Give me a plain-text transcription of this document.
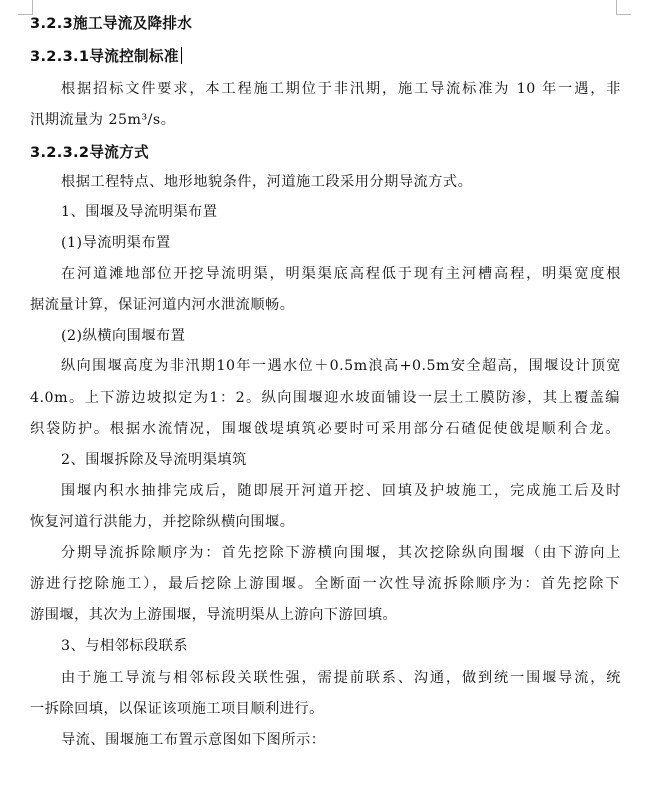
3.2.3施工导流及降排水
3.2.3.1导流控制标准
根据招标文件要求，本工程施工期位于非汛期，施工导流标准为 10 年一遇，非
汛期流量为 25m³/s。
3.2.3.2导流方式
根据工程特点、地形地貌条件，河道施工段采用分期导流方式。
1、围堰及导流明渠布置
(1)导流明渠布置
在河道滩地部位开挖导流明渠，明渠渠底高程低于现有主河槽高程，明渠宽度根
据流量计算，保证河道内河水泄流顺畅。
(2)纵横向围堰布置
纵向围堰高度为非汛期10年一遇水位＋0.5m浪高+0.5m安全超高，围堰设计顶宽
4.0m。上下游边坡拟定为1：2。纵向围堰迎水坡面铺设一层土工膜防渗，其上覆盖编
织袋防护。根据水流情况，围堰戗堤填筑必要时可采用部分石碴促使戗堤顺利合龙。
2、围堰拆除及导流明渠填筑
围堰内积水抽排完成后，随即展开河道开挖、回填及护坡施工，完成施工后及时
恢复河道行洪能力，并挖除纵横向围堰。
分期导流拆除顺序为：首先挖除下游横向围堰，其次挖除纵向围堰（由下游向上
游进行挖除施工），最后挖除上游围堰。全断面一次性导流拆除顺序为：首先挖除下
游围堰，其次为上游围堰，导流明渠从上游向下游回填。
3、与相邻标段联系
由于施工导流与相邻标段关联性强，需提前联系、沟通，做到统一围堰导流，统
一拆除回填，以保证该项施工项目顺利进行。
导流、围堰施工布置示意图如下图所示：
